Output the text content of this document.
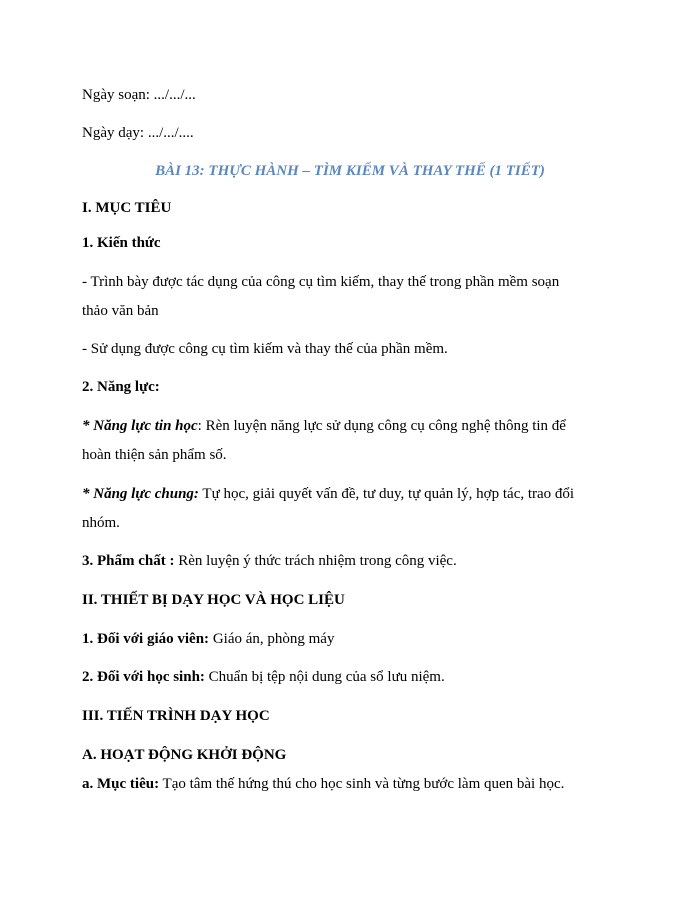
Ngày soạn: .../.../...

Ngày dạy: .../.../....

BÀI 13: THỰC HÀNH – TÌM KIẾM VÀ THAY THẾ (1 TIẾT)

I. MỤC TIÊU

1. Kiến thức

- Trình bày được tác dụng của công cụ tìm kiếm, thay thế trong phần mềm soạn

thảo văn bản

- Sử dụng được công cụ tìm kiếm và thay thế của phần mềm.

2. Năng lực:

* Năng lực tin học: Rèn luyện năng lực sử dụng công cụ công nghệ thông tin để

hoàn thiện sản phẩm số.

* Năng lực chung: Tự học, giải quyết vấn đề, tư duy, tự quản lý, hợp tác, trao đổi

nhóm.

3. Phẩm chất : Rèn luyện ý thức trách nhiệm trong công việc.

II. THIẾT BỊ DẠY HỌC VÀ HỌC LIỆU

1. Đối với giáo viên: Giáo án, phòng máy

2. Đối với học sinh: Chuẩn bị tệp nội dung của sổ lưu niệm.

III. TIẾN TRÌNH DẠY HỌC

A. HOẠT ĐỘNG KHỞI ĐỘNG

a. Mục tiêu: Tạo tâm thế hứng thú cho học sinh và từng bước làm quen bài học.
